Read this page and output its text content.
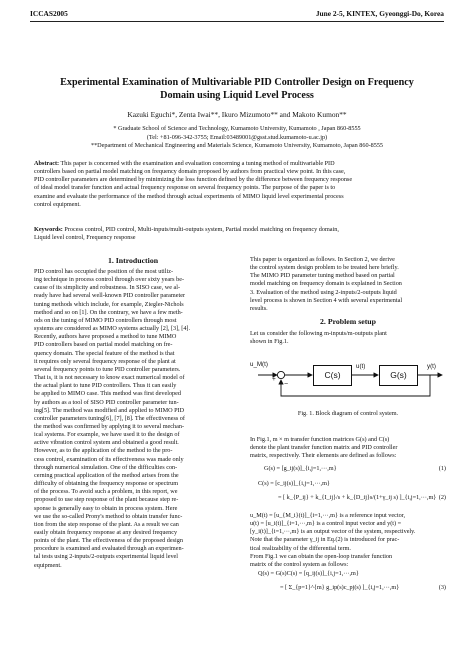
ICCAS2005	June 2-5, KINTEX, Gyeonggi-Do, Korea
Experimental Examination of Multivariable PID Controller Design on Frequency
Domain using Liquid Level Process
Kazuki Eguchi*, Zenta Iwai**, Ikuro Mizumoto** and Makoto Kumon**
* Graduate School of Science and Technology, Kumamoto University, Kumamoto , Japan 860-8555
(Tel: +81-096-342-3755; Email:03489001@gsst.stud.kumamoto-u.ac.jp)
**Department of Mechanical Engineering and Materials Science, Kumamoto University, Kumamoto, Japan 860-8555
Abstract: This paper is concerned with the examination and evaluation concerning a tuning method of multivariable PID
controllers based on partial model matching on frequency domain proposed by authors from practical view point. In this case,
PID controller parameters are determined by minimizing the loss function defined by the difference between frequency response
of ideal model transfer function and actual frequency response on several frequency points. The purpose of the paper is to
examine and evaluate the performance of the method through actual experiments of MIMO liquid level experimental process
control equipment.
Keywords: Process control, PID control, Multi-inputs/multi-outputs system, Partial model matching on frequency domain,
Liquid level control, Frequency response
1. Introduction
PID control has occupied the position of the most utiliz-
ing technique in process control through over sixty years be-
cause of its simplicity and robustness. In SISO case, we al-
ready have had several well-known PID controller parameter
tuning methods which include, for example, Ziegler-Nichols
method and so on [1]. On the contrary, we have a few meth-
ods on the tuning of MIMO PID controllers through most
systems are considered as MIMO systems actually [2], [3], [4].
Recently, authors have proposed a method to tune MIMO
PID controllers based on partial model matching on fre-
quency domain. The special feature of the method is that
it requires only several frequency response of the plant at
several frequency points to tune PID controller parameters.
That is, it is not necessary to know exact numerical model of
the actual plant to tune PID controllers. Thus it can easily
be applied to MIMO case. This method was first developed
by authors as a tool of SISO PID controller parameter tun-
ing[5]. The method was modified and applied to MIMO PID
controller parameters tuning[6], [7], [8]. The effectiveness of
the method was confirmed by applying it to several mechan-
ical systems. For example, we have used it to the design of
active vibration control system and obtained a good result.
However, as to the application of the method to the pro-
cess control, examination of its effectiveness was made only
through numerical simulation. One of the difficulties con-
cerning practical application of the method arises from the
difficulty of obtaining the frequency response or spectrum
of the process. To avoid such a problem, in this report, we
proposed to use step response of the plant because step re-
sponse is generally easy to obtain in process system. Here
we use the so-called Prony's method to obtain transfer func-
tion from the step response of the plant. As a result we can
easily obtain frequency response at any desired frequency
points of the plant. The effectiveness of the proposed design
procedure is examined and evaluated through an experimen-
tal tests using 2-inputs/2-outputs experimental liquid level
equipment.
This paper is organized as follows. In Section 2, we derive
the control system design problem to be treated here briefly.
The MIMO PID parameter tuning method based on partial
model matching on frequency domain is explained in Section
3. Evaluation of the method using 2-inputs/2-outputs liquid
level process is shown in Section 4 with several experimental
results.
2. Problem setup
Let us consider the following m-inputs/m-outputs plant
shown in Fig.1.
C(s)	G(s)
u_M(t)	u(t)	y(t)
+
−
Fig. 1. Block diagram of control system.
In Fig.1, m × m transfer function matrices G(s) and C(s)
denote the plant transfer function matrix and PID controller
matrix, respectively. Their elements are defined as follows:
G(s) = [g_ij(s)]_{i,j=1,···,m}	(1)
C(s) = [c_ij(s)]_{i,j=1,···,m}
= [ k_{P_ij} + k_{I_ij}/s + k_{D_ij}s/(1+γ_ij s) ]_{i,j=1,···,m} (2)
u_M(t) = [u_{M_i}(t)]_{i=1,···,m} is a reference input vector,
u(t) = [u_i(t)]_{i=1,···,m} is a control input vector and y(t) =
[y_i(t)]_{i=1,···,m} is an output vector of the system, respectively.
Note that the parameter γ_ij in Eq.(2) is introduced for prac-
tical realizability of the differential term.
From Fig.1 we can obtain the open-loop transfer function
matrix of the control system as follows:
Q(s) = G(s)C(s) = [q_ij(s)]_{i,j=1,···,m}
= [ Σ_{p=1}^{m} g_ip(s)c_pj(s) ]_{i,j=1,···,m}	(3)
